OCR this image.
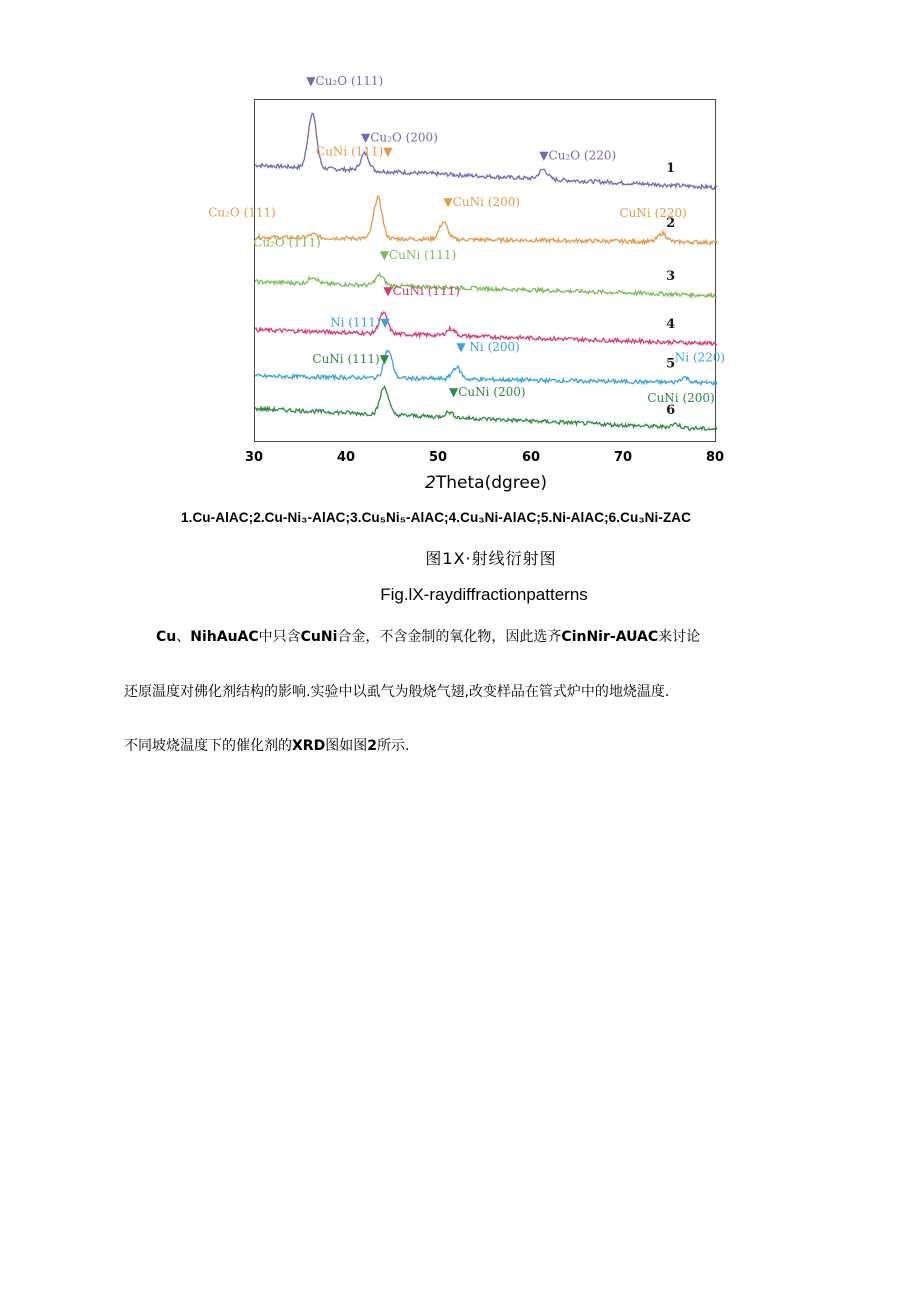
1
▼Cu₂O (111)
▼Cu₂O (200)
▼Cu₂O (220)
2
CuNi (111)▼
Cu₂O (111)
▼CuNi (200)
CuNi (220)
3
Cu₂O (111)
▼CuNi (111)
4
▼CuNi (111)
5
Ni (111)▼
▼ Ni (200)
Ni (220)
6
CuNi (111)▼
▼CuNi (200)	CuNi (200)
30	40	50	60	70	80
2Theta(dgree)
1.Cu-AlAC;2.Cu-Ni₃-AlAC;3.Cu₅Ni₅-AlAC;4.Cu₃Ni-AlAC;5.Ni-AlAC;6.Cu₃Ni-ZAC
图1X·射线衍射图
Fig.lX-raydiffractionpatterns
Cu、NihAuAC中只含CuNi合金，不含金制的氧化物，因此选齐CinNir-AUAC来讨论
还原温度对佛化剂结构的影响.实验中以虱气为般烧气翅,改变样品在管式炉中的地烧温度.
不同坡烧温度下的催化剂的XRD图如图2所示.
